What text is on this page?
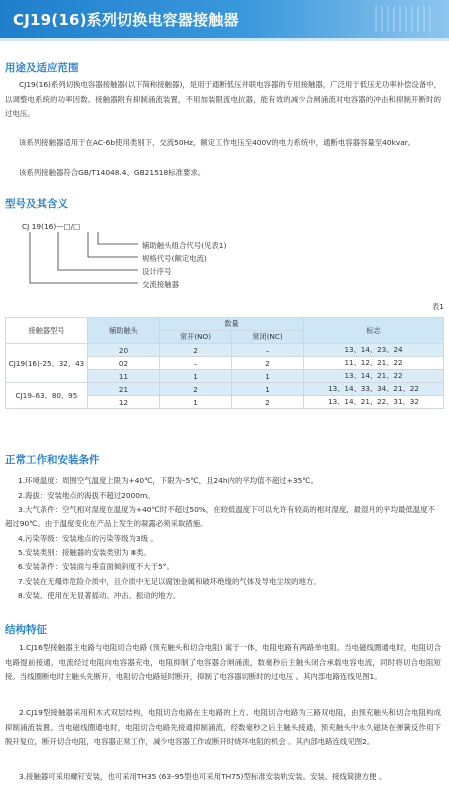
CJ19(16)系列切换电容器接触器
用途及适应范围

CJ19(16)系列切换电容器接触器(以下简称接触器)，是用于通断低压并联电容器的专用接触器，广泛用于低压无功率补偿设备中，以调整电系统的功率因数。接触器附有抑制涌流装置，不用加装限流电抗器，能有效的减少合闸涌流对电容器的冲击和抑制开断时的过电压。

该系列接触器适用于在AC-6b使用类别下，交流50Hz，额定工作电压至400V的电力系统中，通断电容器容量至40kvar。

该系列接触器符合GB/T14048.4、GB21518标准要求。

型号及其含义
CJ 19(16)—□/□
辅助触头组合代号(见表1)
规格代号(额定电流)
设计序号
交流接触器
表1
接触器型号	辅助触头	数量		标志
		常开(NO)	常闭(NC)	
CJ19(16)-25、32、43	20	2	–	13、14、23、24
	02	–	2	11、12、21、22
	11	1	1	13、14、21、22
CJ19–63、80、95	21	2	1	13、14、33、34、21、22
	12	1	2	13、14、21、22、31、32
正常工作和安装条件

1.环境温度：周围空气温度上限为+40℃，下限为–5℃，且24h内的平均值不超过+35℃。

2.海拔：安装地点的海拔不超过2000m。

3.大气条件：空气相对湿度在温度为+40℃时不超过50%，在较低温度下可以允许有较高的相对湿度，最湿月的平均最低温度不超过90℃。由于温度变化在产品上发生的凝露必须采取措施。

4.污染等级：安装地点的污染等级为3级 。

5.安装类别：接触器的安装类别为 Ⅲ类。

6.安装条件：安装面与垂直面倾斜度不大于5°。

7.安装在无爆炸危险介质中，且介质中无足以腐蚀金属和破坏绝缘的气体及导电尘埃的地方。

8.安装、使用在无显著摇动、冲击、振动的地方。

结构特征

1.CJ16型接触器主电路与电阻切合电路 (预充触头和切合电阻) 寓于一体，电阻电路有两路单电阻。当电磁线圈通电时，电阻切合电路提前接通，电流经过电阻向电容器充电，电阻抑制了电容器合闸涌流，数毫秒后主触头闭合承载电容电流，同时将切合电阻短接。当线圈断电时主触头先断开，电阻切合电路延时断开，抑制了电容器切断时的过电压 。其内部电路连线见图1。

2.CJ19型接触器采用积木式双层结构，电阻切合电路在主电路的上方。电阻切合电路为三路双电阻，由预充触头和切合电阻构成抑制涌流装置。当电磁线圈通电时，电阻切合电路先接通抑制涌流，经数毫秒之后主触头接通，预充触头中永久磁块在弹簧反作用下脱开复位，断开切合电阻，电容器正常工作，减少电容器工作或断开时烧坏电阻的机会 。其内部电路连线见图2。

3.接触器可采用螺钉安装，也可采用TH35 (63–95型也可采用TH75)型标准安装轨安装。安装、接线简捷方便 。
